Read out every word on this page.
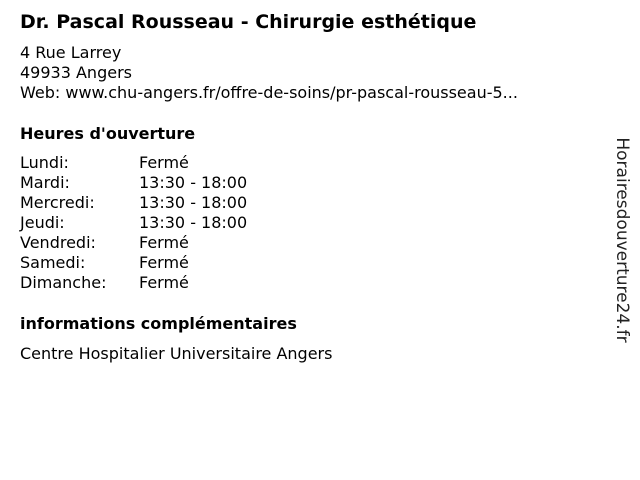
Dr. Pascal Rousseau - Chirurgie esthétique
4 Rue Larrey
49933 Angers
Web: www.chu-angers.fr/offre-de-soins/pr-pascal-rousseau-5...
Heures d'ouverture
Lundi:	Fermé
Mardi:	13:30 - 18:00
Mercredi:	13:30 - 18:00
Jeudi:	13:30 - 18:00
Vendredi:	Fermé
Samedi:	Fermé
Dimanche:	Fermé
informations complémentaires
Centre Hospitalier Universitaire Angers
Horairesdouverture24.fr
